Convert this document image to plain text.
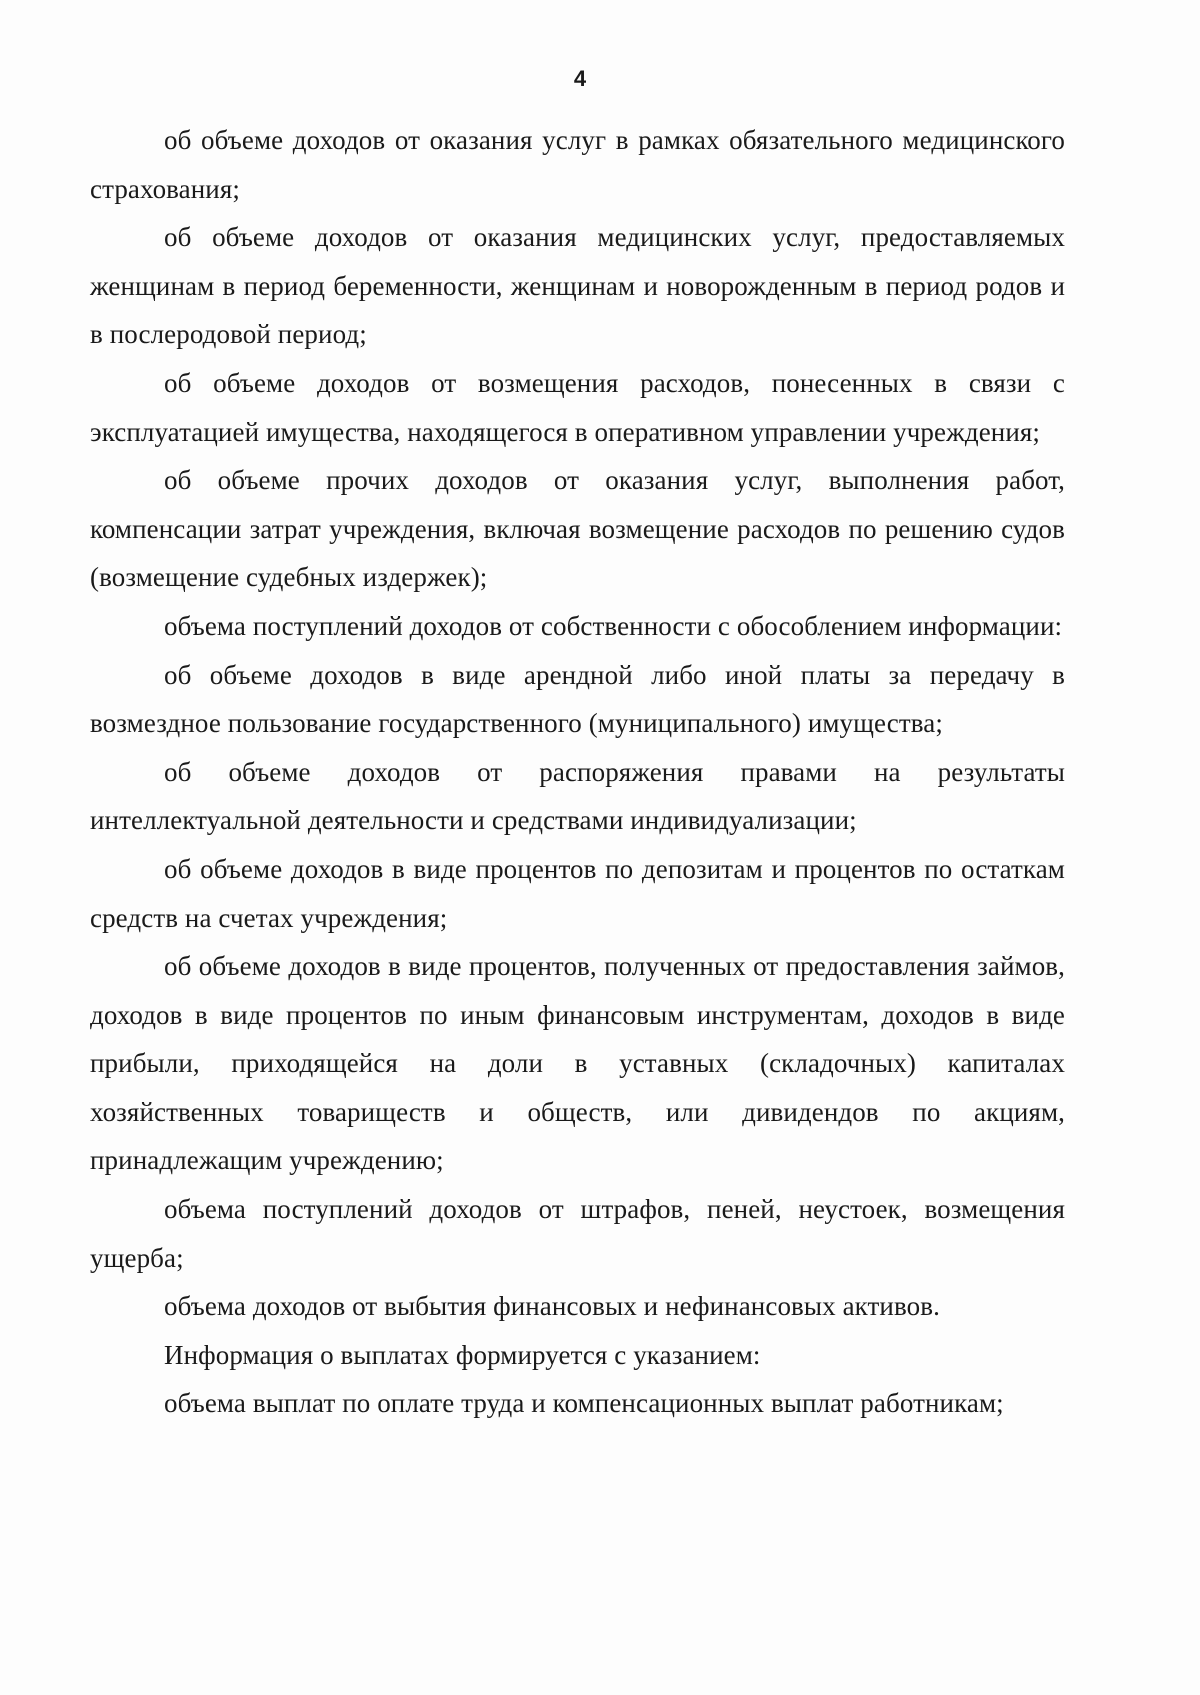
4

об объеме доходов от оказания услуг в рамках обязательного медицинского страхования;

об объеме доходов от оказания медицинских услуг, предоставляемых женщинам в период беременности, женщинам и новорожденным в период родов и в послеродовой период;

об объеме доходов от возмещения расходов, понесенных в связи с эксплуатацией имущества, находящегося в оперативном управлении учреждения;

об объеме прочих доходов от оказания услуг, выполнения работ, компенсации затрат учреждения, включая возмещение расходов по решению судов (возмещение судебных издержек);

объема поступлений доходов от собственности с обособлением информации:

об объеме доходов в виде арендной либо иной платы за передачу в возмездное пользование государственного (муниципального) имущества;

об объеме доходов от распоряжения правами на результаты интеллектуальной деятельности и средствами индивидуализации;

об объеме доходов в виде процентов по депозитам и процентов по остаткам средств на счетах учреждения;

об объеме доходов в виде процентов, полученных от предоставления займов, доходов в виде процентов по иным финансовым инструментам, доходов в виде прибыли, приходящейся на доли в уставных (складочных) капиталах хозяйственных товариществ и обществ, или дивидендов по акциям, принадлежащим учреждению;

объема поступлений доходов от штрафов, пеней, неустоек, возмещения ущерба;

объема доходов от выбытия финансовых и нефинансовых активов.

Информация о выплатах формируется с указанием:

объема выплат по оплате труда и компенсационных выплат работникам;
